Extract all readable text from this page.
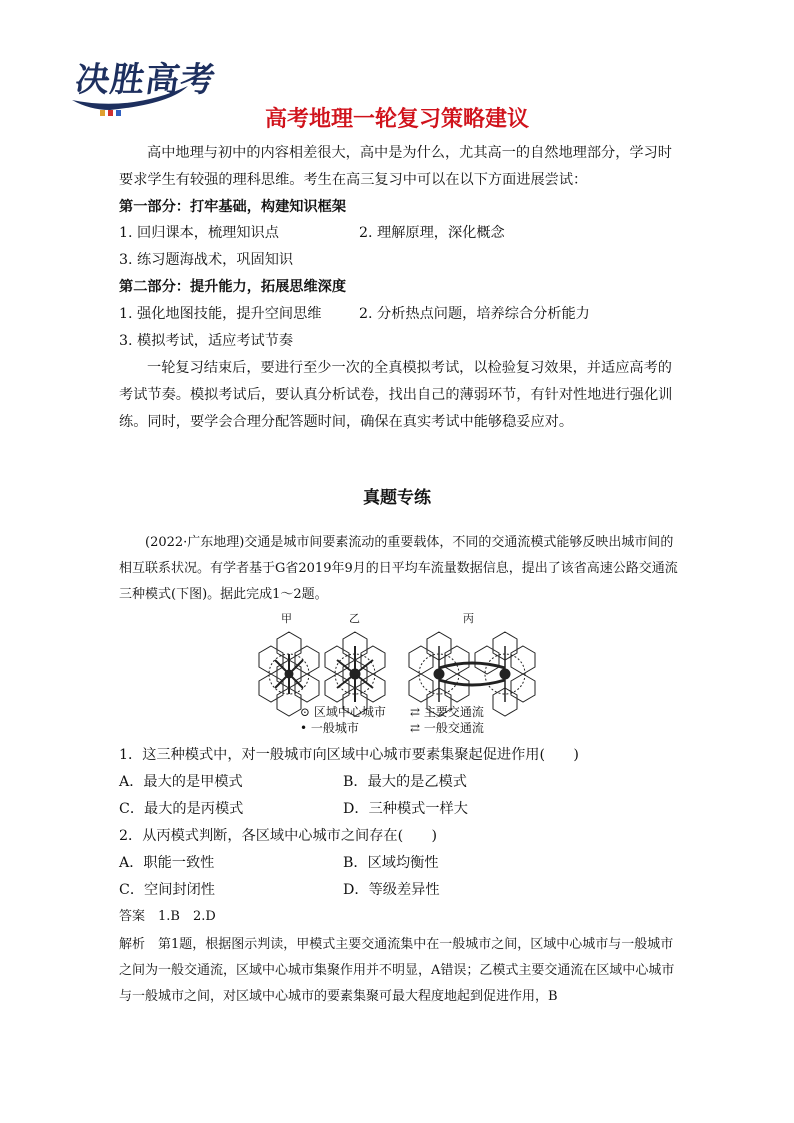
决胜高考
高考地理一轮复习策略建议
高中地理与初中的内容相差很大，高中是为什么，尤其高一的自然地理部分，学习时要求学生有较强的理科思维。考生在高三复习中可以在以下方面进展尝试：
第一部分：打牢基础，构建知识框架
1. 回归课本，梳理知识点	2. 理解原理，深化概念
3. 练习题海战术，巩固知识
第二部分：提升能力，拓展思维深度
1. 强化地图技能，提升空间思维	2. 分析热点问题，培养综合分析能力
3. 模拟考试，适应考试节奏
一轮复习结束后，要进行至少一次的全真模拟考试，以检验复习效果，并适应高考的考试节奏。模拟考试后，要认真分析试卷，找出自己的薄弱环节，有针对性地进行强化训练。同时，要学会合理分配答题时间，确保在真实考试中能够稳妥应对。
真题专练
(2022·广东地理)交通是城市间要素流动的重要载体，不同的交通流模式能够反映出城市间的相互联系状况。有学者基于G省2019年9月的日平均车流量数据信息，提出了该省高速公路交通流三种模式(下图)。据此完成1～2题。
甲	乙	丙
⊙ 区域中心城市
• 一般城市
⇄ 主要交通流
⇄ 一般交通流
1．这三种模式中，对一般城市向区域中心城市要素集聚起促进作用(　　)
A．最大的是甲模式	B．最大的是乙模式
C．最大的是丙模式	D．三种模式一样大
2．从丙模式判断，各区域中心城市之间存在(　　)
A．职能一致性	B．区域均衡性
C．空间封闭性	D．等级差异性
答案　1.B　2.D
解析　第1题，根据图示判读，甲模式主要交通流集中在一般城市之间，区域中心城市与一般城市之间为一般交通流，区域中心城市集聚作用并不明显，A错误；乙模式主要交通流在区域中心城市与一般城市之间，对区域中心城市的要素集聚可最大程度地起到促进作用，B
